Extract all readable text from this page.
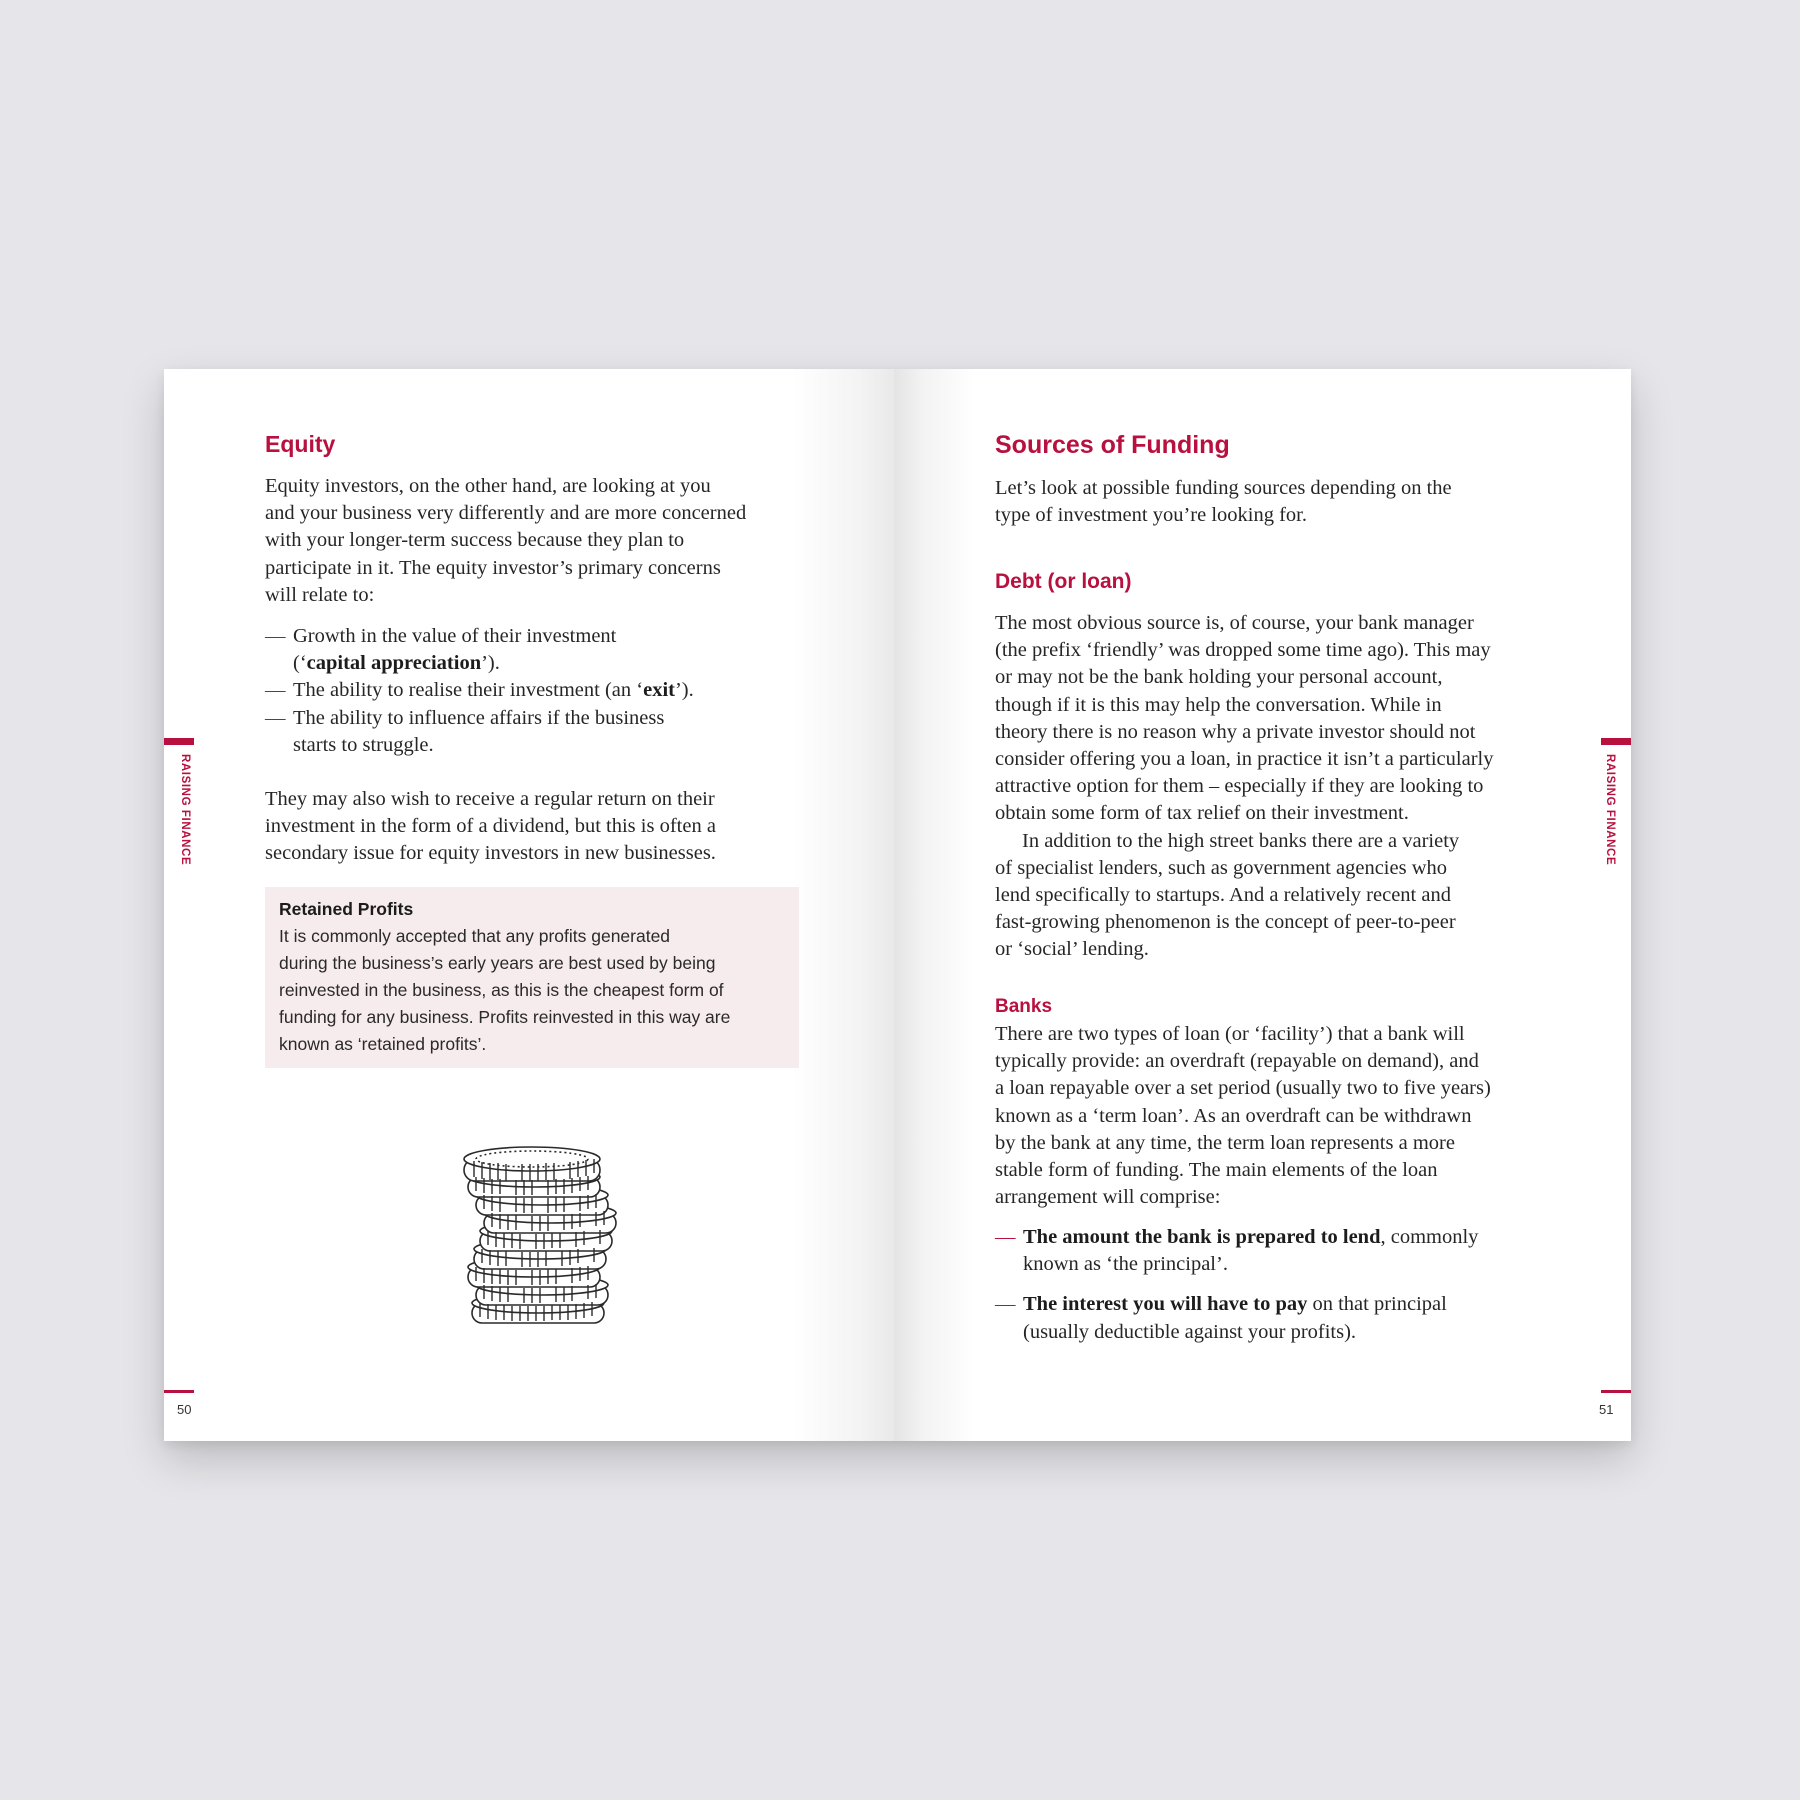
Equity
Equity investors, on the other hand, are looking at you
and your business very differently and are more concerned
with your longer-term success because they plan to
participate in it. The equity investor’s primary concerns
will relate to:
— Growth in the value of their investment
(‘capital appreciation’).
— The ability to realise their investment (an ‘exit’).
— The ability to influence affairs if the business
starts to struggle.
They may also wish to receive a regular return on their
investment in the form of a dividend, but this is often a
secondary issue for equity investors in new businesses.
Retained Profits
It is commonly accepted that any profits generated
during the business’s early years are best used by being
reinvested in the business, as this is the cheapest form of
funding for any business. Profits reinvested in this way are
known as ‘retained profits’.
RAISING FINANCE
50
Sources of Funding
Let’s look at possible funding sources depending on the
type of investment you’re looking for.
Debt (or loan)
The most obvious source is, of course, your bank manager
(the prefix ‘friendly’ was dropped some time ago). This may
or may not be the bank holding your personal account,
though if it is this may help the conversation. While in
theory there is no reason why a private investor should not
consider offering you a loan, in practice it isn’t a particularly
attractive option for them – especially if they are looking to
obtain some form of tax relief on their investment.
In addition to the high street banks there are a variety
of specialist lenders, such as government agencies who
lend specifically to startups. And a relatively recent and
fast-growing phenomenon is the concept of peer-to-peer
or ‘social’ lending.
Banks
There are two types of loan (or ‘facility’) that a bank will
typically provide: an overdraft (repayable on demand), and
a loan repayable over a set period (usually two to five years)
known as a ‘term loan’. As an overdraft can be withdrawn
by the bank at any time, the term loan represents a more
stable form of funding. The main elements of the loan
arrangement will comprise:
— The amount the bank is prepared to lend, commonly
known as ‘the principal’.
— The interest you will have to pay on that principal
(usually deductible against your profits).
RAISING FINANCE
51
